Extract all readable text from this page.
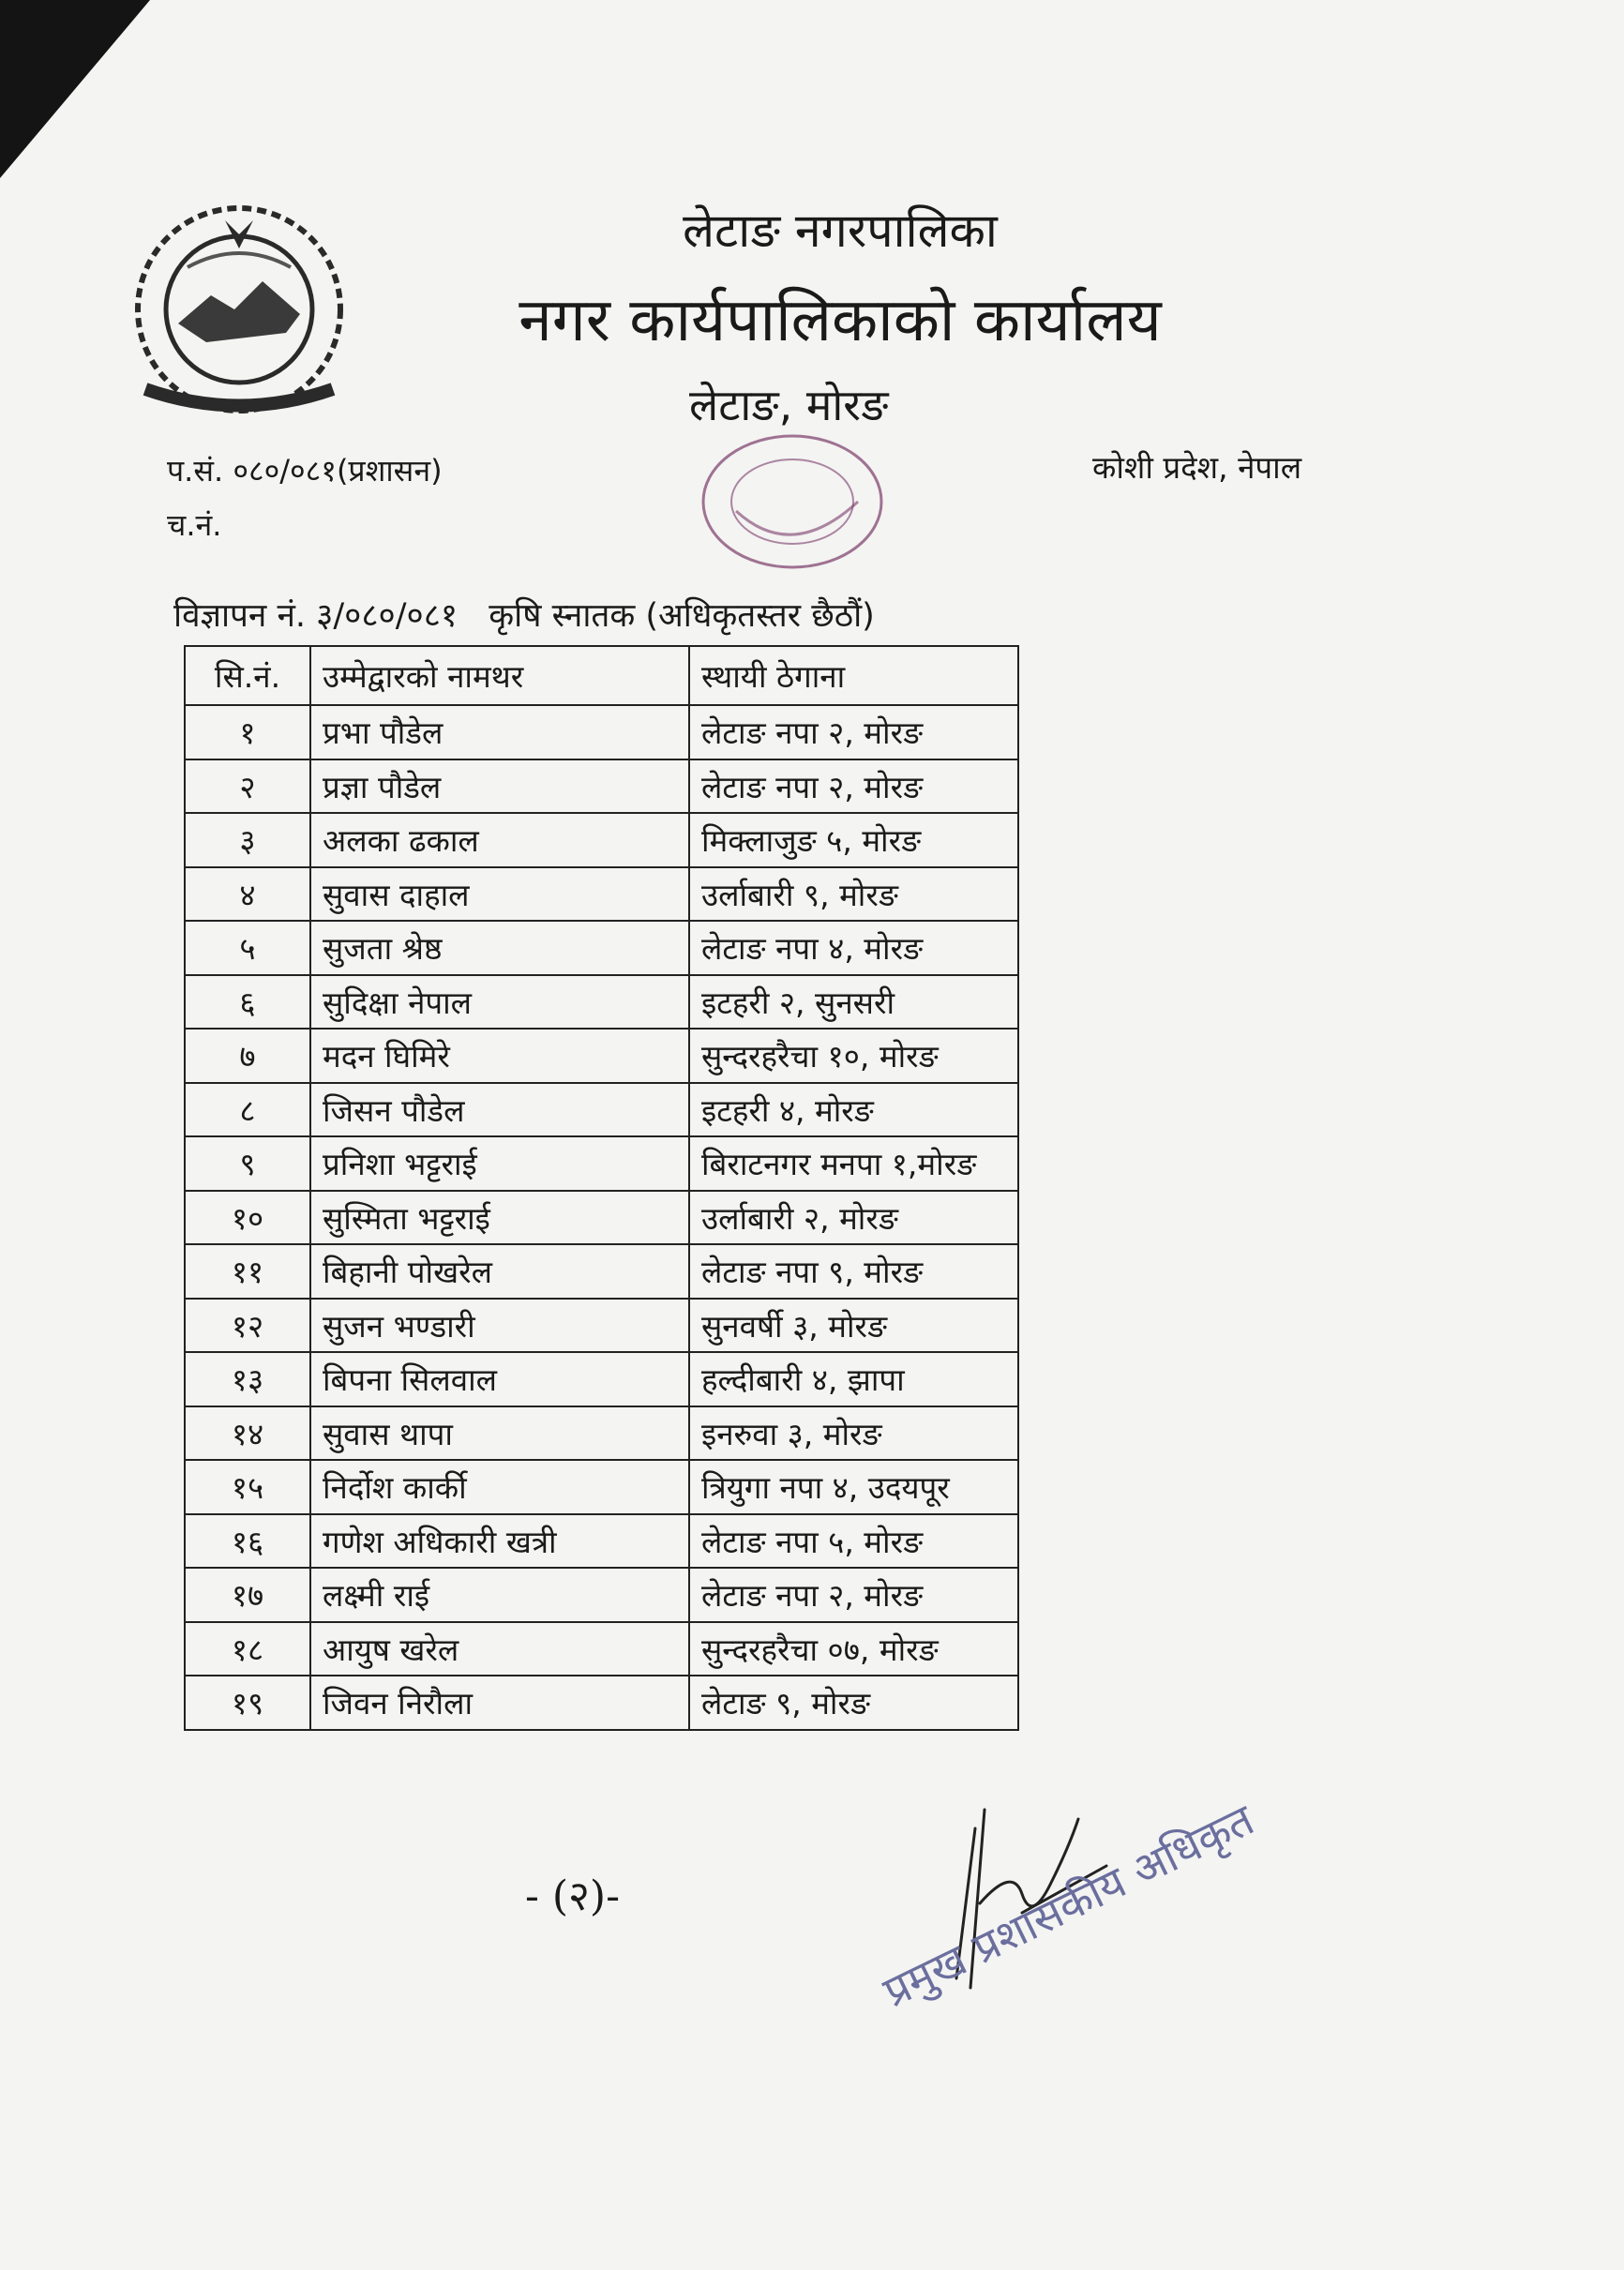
लेटाङ नगरपालिका
नगर कार्यपालिकाको कार्यालय
लेटाङ, मोरङ
प.सं. ०८०/०८१(प्रशासन)
च.नं.
कोशी प्रदेश, नेपाल
विज्ञापन नं. ३/०८०/०८१ कृषि स्नातक (अधिकृतस्तर छैठौं)
सि.नं.	उम्मेद्वारको नामथर	स्थायी ठेगाना
१	प्रभा पौडेल	लेटाङ नपा २, मोरङ
२	प्रज्ञा पौडेल	लेटाङ नपा २, मोरङ
३	अलका ढकाल	मिक्लाजुङ ५, मोरङ
४	सुवास दाहाल	उर्लाबारी ९, मोरङ
५	सुजता श्रेष्ठ	लेटाङ नपा ४, मोरङ
६	सुदिक्षा नेपाल	इटहरी २, सुनसरी
७	मदन घिमिरे	सुन्दरहरैचा १०, मोरङ
८	जिसन पौडेल	इटहरी ४, मोरङ
९	प्रनिशा भट्टराई	बिराटनगर मनपा १,मोरङ
१०	सुस्मिता भट्टराई	उर्लाबारी २, मोरङ
११	बिहानी पोखरेल	लेटाङ नपा ९, मोरङ
१२	सुजन भण्डारी	सुनवर्षी ३, मोरङ
१३	बिपना सिलवाल	हल्दीबारी ४, झापा
१४	सुवास थापा	इनरुवा ३, मोरङ
१५	निर्दोश कार्की	त्रियुगा नपा ४, उदयपूर
१६	गणेश अधिकारी खत्री	लेटाङ नपा ५, मोरङ
१७	लक्ष्मी राई	लेटाङ नपा २, मोरङ
१८	आयुष खरेल	सुन्दरहरैचा ०७, मोरङ
१९	जिवन निरौला	लेटाङ ९, मोरङ
- (२)-	प्रमुख प्रशासकीय अधिकृत
